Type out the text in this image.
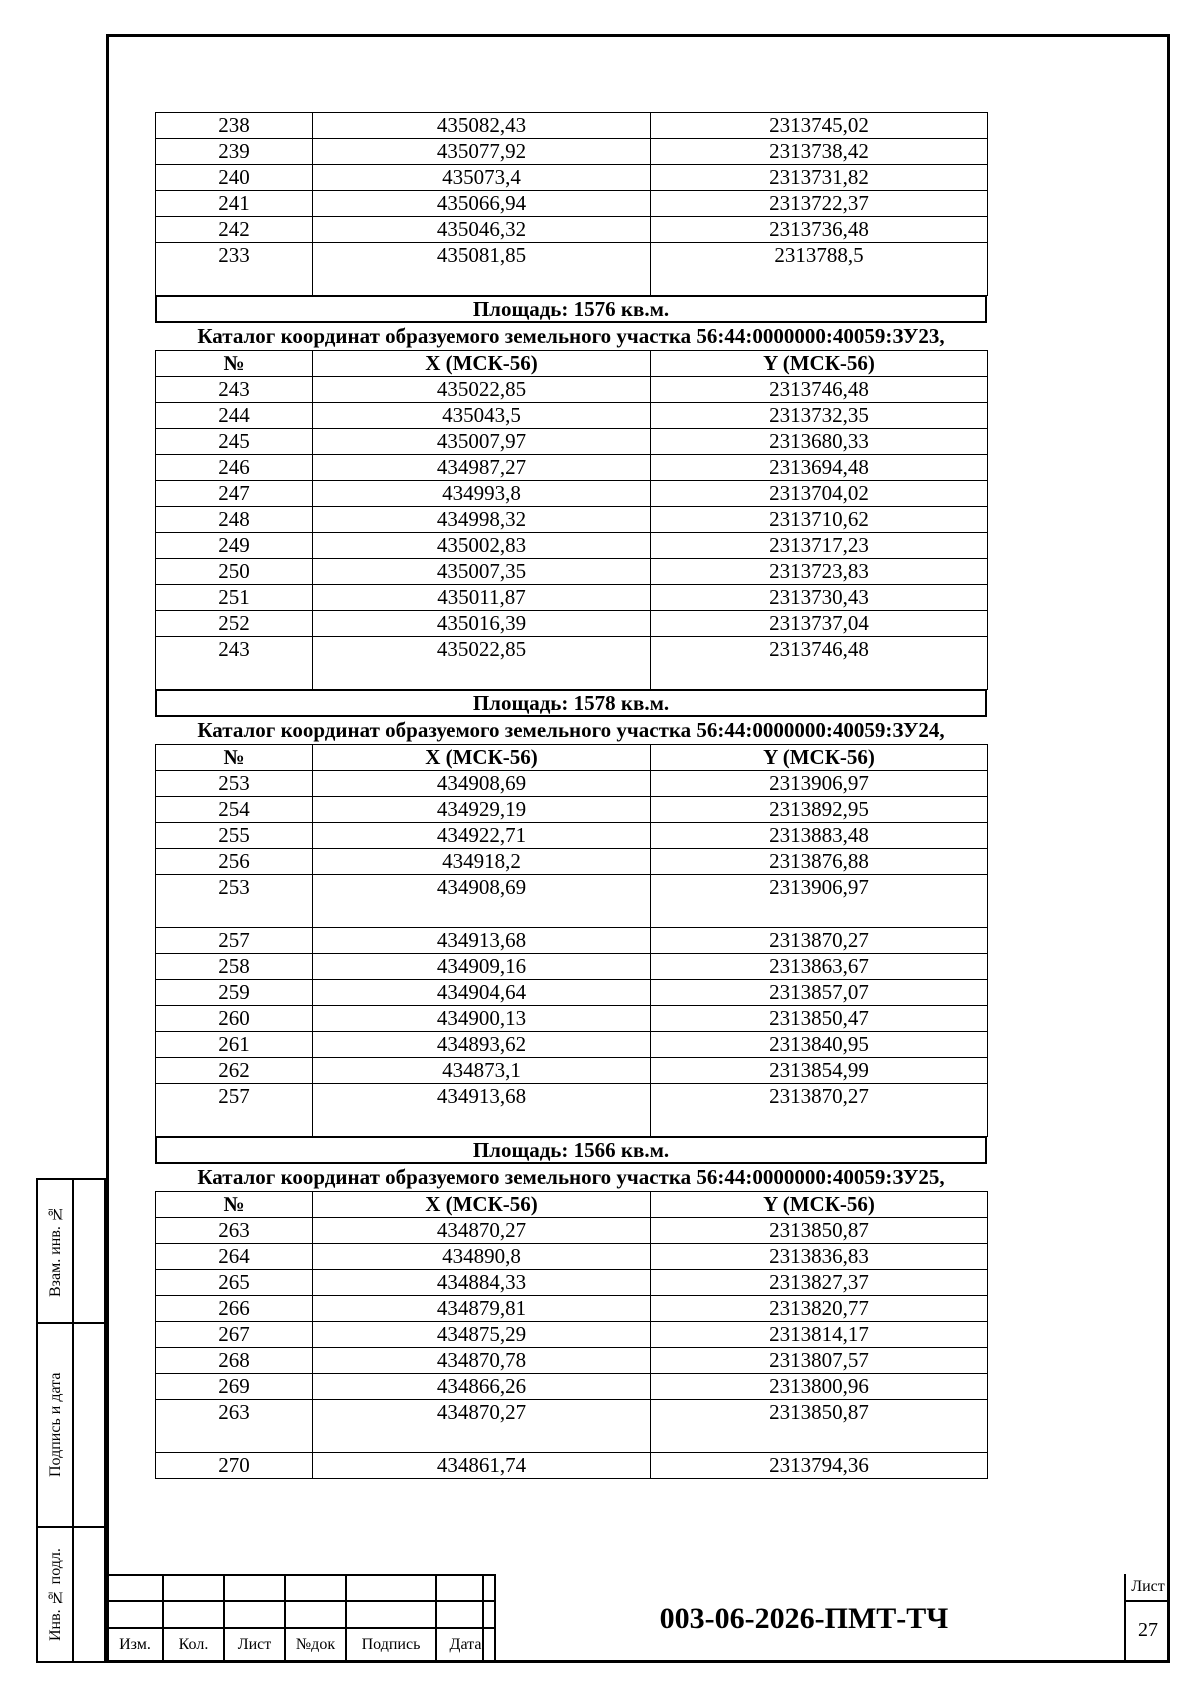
238	435082,43	2313745,02
239	435077,92	2313738,42
240	435073,4	2313731,82
241	435066,94	2313722,37
242	435046,32	2313736,48
233	435081,85	2313788,5
Площадь: 1576 кв.м.
Каталог координат образуемого земельного участка 56:44:0000000:40059:ЗУ23,
№	X (МСК-56)	Y (МСК-56)
243	435022,85	2313746,48
244	435043,5	2313732,35
245	435007,97	2313680,33
246	434987,27	2313694,48
247	434993,8	2313704,02
248	434998,32	2313710,62
249	435002,83	2313717,23
250	435007,35	2313723,83
251	435011,87	2313730,43
252	435016,39	2313737,04
243	435022,85	2313746,48
Площадь: 1578 кв.м.
Каталог координат образуемого земельного участка 56:44:0000000:40059:ЗУ24,
№	X (МСК-56)	Y (МСК-56)
253	434908,69	2313906,97
254	434929,19	2313892,95
255	434922,71	2313883,48
256	434918,2	2313876,88
253	434908,69	2313906,97
257	434913,68	2313870,27
258	434909,16	2313863,67
259	434904,64	2313857,07
260	434900,13	2313850,47
261	434893,62	2313840,95
262	434873,1	2313854,99
257	434913,68	2313870,27
Площадь: 1566 кв.м.
Каталог координат образуемого земельного участка 56:44:0000000:40059:ЗУ25,
№	X (МСК-56)	Y (МСК-56)
263	434870,27	2313850,87
264	434890,8	2313836,83
265	434884,33	2313827,37
266	434879,81	2313820,77
267	434875,29	2313814,17
268	434870,78	2313807,57
269	434866,26	2313800,96
263	434870,27	2313850,87
270	434861,74	2313794,36
Взам. инв. №
Подпись и дата
Инв. № подл.

Изм.	Кол.	Лист	№док	Подпись	Дата
003-06-2026-ПМТ-ТЧ
Лист
27
